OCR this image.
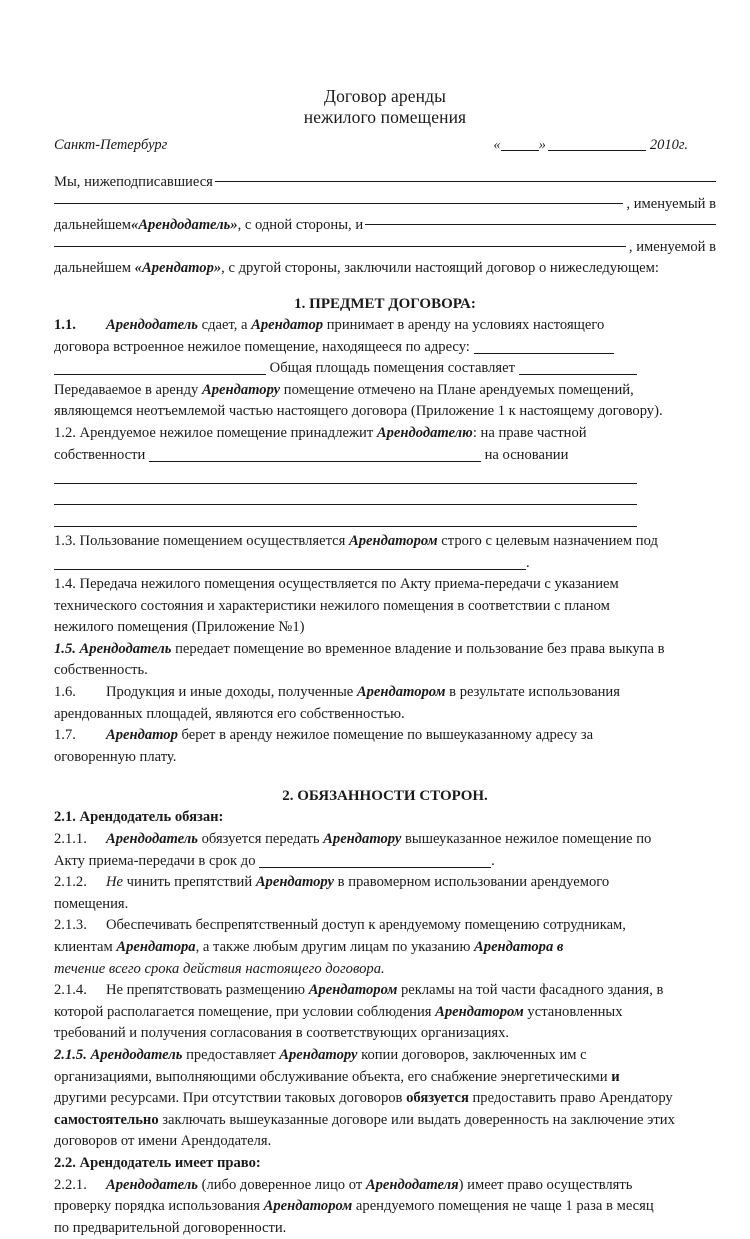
Договор аренды
нежилого помещения
Санкт-Петербург	«	»	2010г.
Мы, нижеподписавшиеся
, именуемый в
дальнейшем «Арендодатель» , с одной стороны, и
, именуемой в

дальнейшем «Арендатор», с другой стороны, заключили настоящий договор о нижеследующем:

1. ПРЕДМЕТ ДОГОВОРА:

1.1. Арендодатель сдает, а Арендатор принимает в аренду на условиях настоящего

договора встроенное нежилое помещение, находящееся по адресу:

Общая площадь помещения составляет

Передаваемое в аренду Арендатору помещение отмечено на Плане арендуемых помещений,

являющемся неотъемлемой частью настоящего договора (Приложение 1 к настоящему договору).

1.2. Арендуемое нежилое помещение принадлежит Арендодателю: на праве частной

собственности	на основании

1.3. Пользование помещением осуществляется Арендатором строго с целевым назначением под

.

1.4. Передача нежилого помещения осуществляется по Акту приема-передачи с указанием

технического состояния и характеристики нежилого помещения в соответствии с планом

нежилого помещения (Приложение №1)

1.5. Арендодатель передает помещение во временное владение и пользование без права выкупа в

собственность.

1.6. Продукция и иные доходы, полученные Арендатором в результате использования

арендованных площадей, являются его собственностью.

1.7. Арендатор берет в аренду нежилое помещение по вышеуказанному адресу за

оговоренную плату.

2. ОБЯЗАННОСТИ СТОРОН.

2.1. Арендодатель обязан:

2.1.1. Арендодатель обязуется передать Арендатору вышеуказанное нежилое помещение по

Акту приема-передачи в срок до	.

2.1.2. Не чинить препятствий Арендатору в правомерном использовании арендуемого

помещения.

2.1.3. Обеспечивать беспрепятственный доступ к арендуемому помещению сотрудникам,

клиентам Арендатора, а также любым другим лицам по указанию Арендатора в

течение всего срока действия настоящего договора.

2.1.4. Не препятствовать размещению Арендатором рекламы на той части фасадного здания, в

которой располагается помещение, при условии соблюдения Арендатором установленных

требований и получения согласования в соответствующих организациях.

2.1.5. Арендодатель предоставляет Арендатору копии договоров, заключенных им с

организациями, выполняющими обслуживание объекта, его снабжение энергетическими и

другими ресурсами. При отсутствии таковых договоров обязуется предоставить право Арендатору

самостоятельно заключать вышеуказанные договоре или выдать доверенность на заключение этих

договоров от имени Арендодателя.

2.2. Арендодатель имеет право:

2.2.1. Арендодатель (либо доверенное лицо от Арендодателя) имеет право осуществлять

проверку порядка использования Арендатором арендуемого помещения не чаще 1 раза в месяц

по предварительной договоренности.
